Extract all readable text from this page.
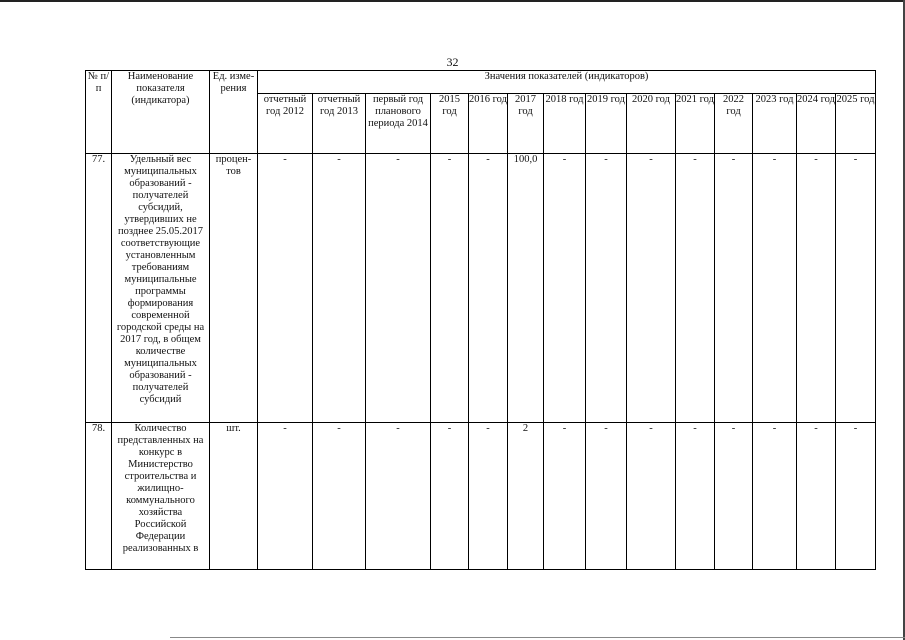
32
№ п/п	Наименование показателя (индикатора)	Ед. изме-рения	Значения показателей (индикаторов)													
			отчетный год 2012	отчетный год 2013	первый год планового периода 2014	2015 год	2016 год	2017 год	2018 год	2019 год	2020 год	2021 год	2022 год	2023 год	2024 год	2025 год
77.	Удельный вес муниципальных образований - получателей субсидий, утвердивших не позднее 25.05.2017 соответствующие установленным требованиям муниципальные программы формирования современной городской среды на 2017 год, в общем количестве муниципальных образований - получателей субсидий	процен-тов	-	-	-	-	-	100,0	-	-	-	-	-	-	-	-
78.	Количество представленных на конкурс в Министерство строительства и жилищно-коммунального хозяйства Российской Федерации реализованных в	шт.	-	-	-	-	-	2	-	-	-	-	-	-	-	-
